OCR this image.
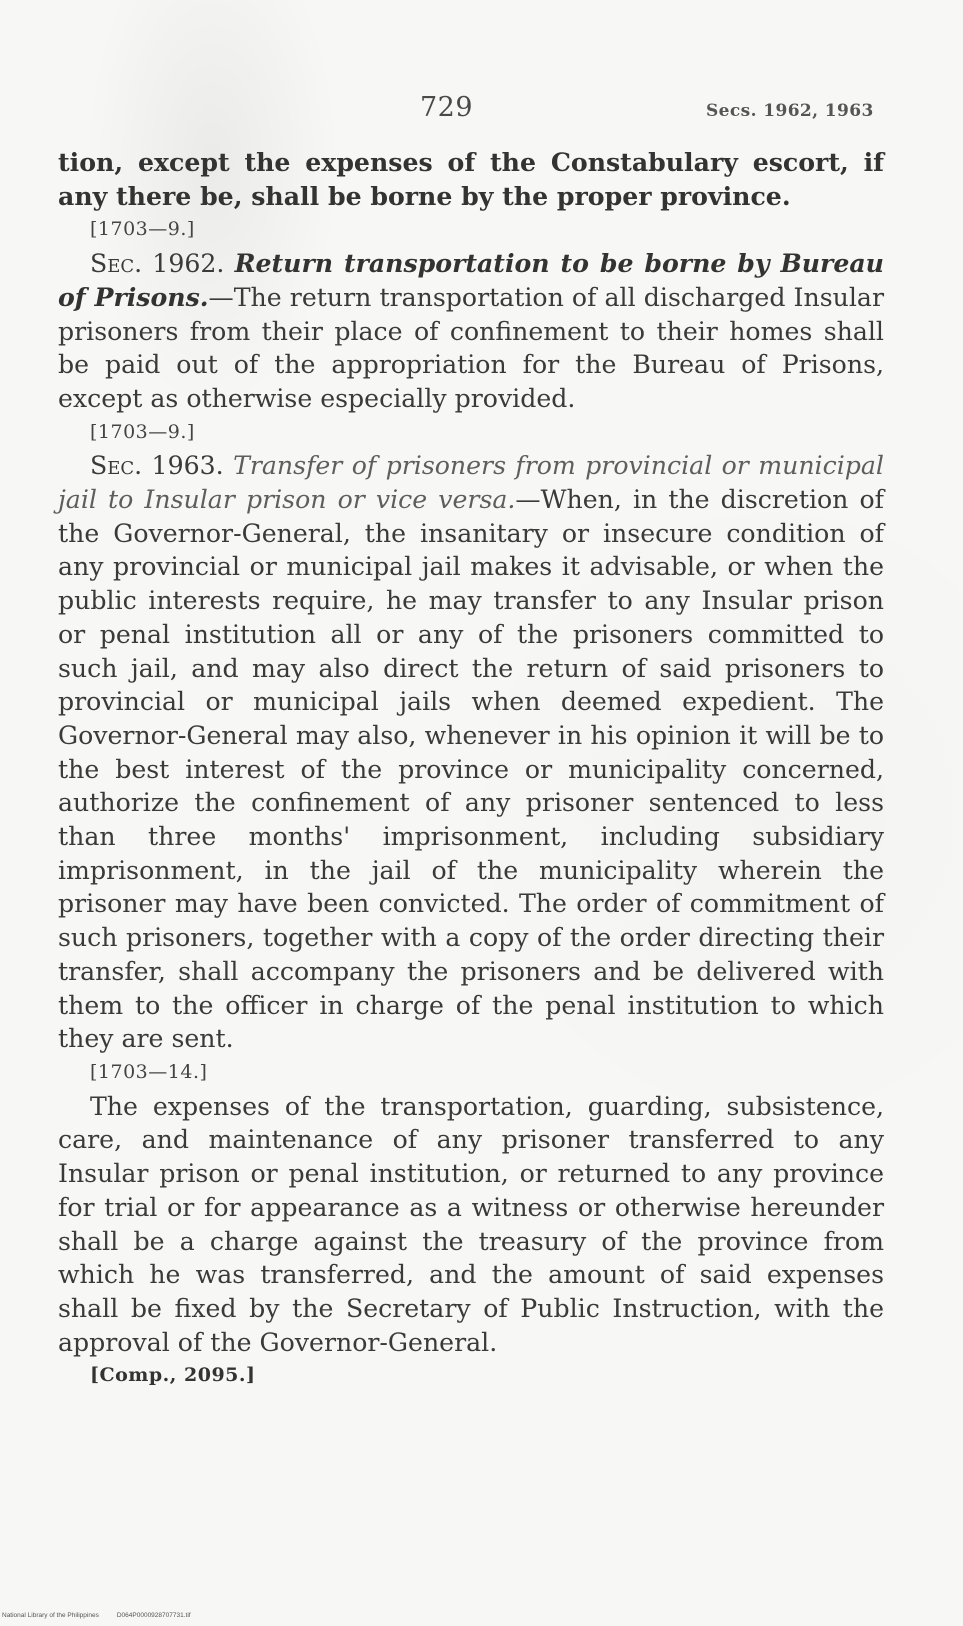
729	Secs. 1962, 1963

tion, except the expenses of the Constabulary escort, if any there be, shall be borne by the proper province.

[1703—9.]

Sec. 1962. Return transportation to be borne by Bureau of Prisons.—The return transportation of all discharged Insular prisoners from their place of confinement to their homes shall be paid out of the appropriation for the Bureau of Prisons, except as otherwise especially provided.

[1703—9.]

Sec. 1963. Transfer of prisoners from provincial or municipal jail to Insular prison or vice versa.—When, in the discretion of the Governor-General, the insanitary or insecure condition of any provincial or municipal jail makes it advisable, or when the public interests require, he may transfer to any Insular prison or penal institution all or any of the prisoners committed to such jail, and may also direct the return of said prisoners to provincial or municipal jails when deemed expedient. The Governor-General may also, whenever in his opinion it will be to the best interest of the province or municipality concerned, authorize the confinement of any prisoner sentenced to less than three months' imprisonment, including subsidiary imprisonment, in the jail of the municipality wherein the prisoner may have been convicted. The order of commitment of such prisoners, together with a copy of the order directing their transfer, shall accompany the prisoners and be delivered with them to the officer in charge of the penal institution to which they are sent.

[1703—14.]

The expenses of the transportation, guarding, subsistence, care, and maintenance of any prisoner transferred to any Insular prison or penal institution, or returned to any province for trial or for appearance as a witness or otherwise hereunder shall be a charge against the treasury of the province from which he was transferred, and the amount of said expenses shall be fixed by the Secretary of Public Instruction, with the approval of the Governor-General.

[Comp., 2095.]

National Library of the Philippines	D064P0000928707731.tif
